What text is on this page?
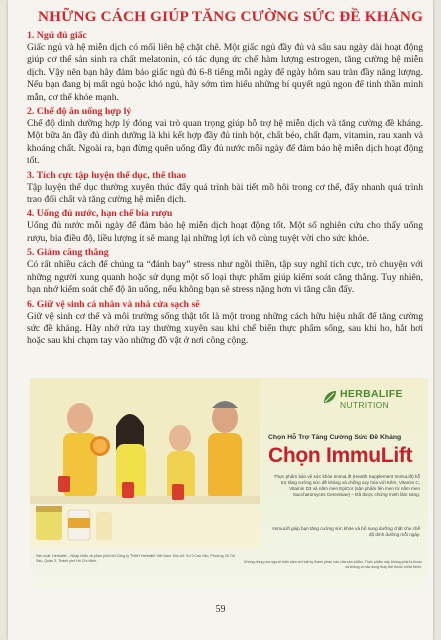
NHỮNG CÁCH GIÚP TĂNG CƯỜNG SỨC ĐỀ KHÁNG

1. Ngủ đủ giấc

Giấc ngủ và hệ miễn dịch có mối liên hệ chặt chẽ. Một giấc ngủ đầy đủ và sâu sau ngày dài hoạt động giúp cơ thể sản sinh ra chất melatonin, có tác dụng ức chế hàm lượng estrogen, tăng cường hệ miễn dịch. Vậy nên bạn hãy đảm bảo giấc ngủ đủ 6-8 tiếng mỗi ngày để ngày hôm sau tràn đầy năng lượng. Nếu bạn đang bị mất ngủ hoặc khó ngủ, hãy sớm tìm hiểu những bí quyết ngủ ngon để tinh thần minh mẫn, cơ thể khỏe mạnh.

2. Chế độ ăn uống hợp lý

Chế độ dinh dưỡng hợp lý đóng vai trò quan trọng giúp hỗ trợ hệ miễn dịch và tăng cường đề kháng. Một bữa ăn đầy đủ dinh dưỡng là khi kết hợp đầy đủ tinh bột, chất béo, chất đạm, vitamin, rau xanh và khoáng chất. Ngoài ra, bạn đừng quên uống đầy đủ nước mỗi ngày để đảm bảo hệ miễn dịch hoạt động tốt.

3. Tích cực tập luyện thể dục, thể thao

Tập luyện thể dục thường xuyên thúc đẩy quá trình bài tiết mồ hôi trong cơ thể, đẩy nhanh quá trình trao đổi chất và tăng cường hệ miễn dịch.

4. Uống đủ nước, hạn chế bia rượu

Uống đủ nước mỗi ngày để đảm bảo hệ miễn dịch hoạt động tốt. Một số nghiên cứu cho thấy uống rượu, bia điều độ, liều lượng ít sẽ mang lại những lợi ích vô cùng tuyệt vời cho sức khỏe.

5. Giảm căng thẳng

Có rất nhiều cách để chúng ta “đánh bay” stress như ngồi thiền, tập suy nghĩ tích cực, trò chuyện với những người xung quanh hoặc sử dụng một số loại thực phẩm giúp kiểm soát căng thẳng. Tuy nhiên, bạn nhớ kiểm soát chế độ ăn uống, nếu không bạn sẽ stress nặng hơn vì tăng cân đấy.

6. Giữ vệ sinh cá nhân và nhà cửa sạch sẽ

Giữ vệ sinh cơ thể và môi trường sống thật tốt là một trong những cách hữu hiệu nhất để tăng cường sức đề kháng. Hãy nhớ rửa tay thường xuyên sau khi chế biến thực phẩm sống, sau khi ho, hắt hơi hoặc sau khi chạm tay vào những đồ vật ở nơi công cộng.

HERBALIFE
NUTRITION
Chọn Hỗ Trợ Tăng Cường Sức Đề Kháng
Chọn ImmuLift
Thực phẩm bảo vệ sức khỏe ImmuLift (Health Supplement ImmuLift) hỗ trợ tăng cường sức đề kháng và chống oxy hóa với Kẽm, Vitamin C, Vitamin D3 và nấm men EpiCor (sản phẩm lên men từ nấm men Saccharomyces Cerevisiae) – Đã được chứng minh lâm sàng.
ImmuLift giúp bạn tăng cường sức khỏe và bổ sung dưỡng chất cho chế độ dinh dưỡng mỗi ngày.
Sản xuất: Herbalife – Nhập khẩu và phân phối bởi Công ty TNHH Herbalife Việt Nam. Địa chỉ: Số 9 Cao Văn, Phường Võ Thị Sáu, Quận 3, Thành phố Hồ Chí Minh.	Không dùng cho người mẫn cảm với bất kỳ thành phần nào của sản phẩm. Thực phẩm này không phải là thuốc và không có tác dụng thay thế thuốc chữa bệnh.
59
